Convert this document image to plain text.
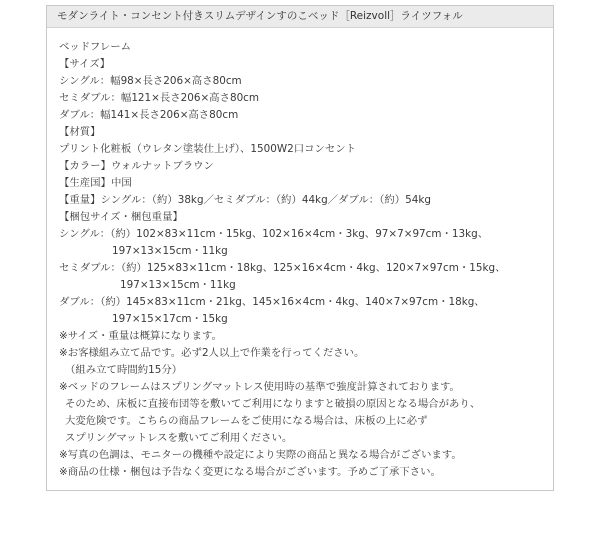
モダンライト・コンセント付きスリムデザインすのこベッド［Reizvoll］ライツフォル
ベッドフレーム
【サイズ】
シングル：幅98×長さ206×高さ80cm
セミダブル：幅121×長さ206×高さ80cm
ダブル：幅141×長さ206×高さ80cm
【材質】
プリント化粧板（ウレタン塗装仕上げ）、1500W2口コンセント
【カラー】ウォルナットブラウン
【生産国】中国
【重量】シングル：（約）38kg／セミダブル：（約）44kg／ダブル：（約）54kg
【梱包サイズ・梱包重量】
シングル：（約）102×83×11cm・15kg、102×16×4cm・3kg、97×7×97cm・13kg、
197×13×15cm・11kg
セミダブル：（約）125×83×11cm・18kg、125×16×4cm・4kg、120×7×97cm・15kg、
197×13×15cm・11kg
ダブル：（約）145×83×11cm・21kg、145×16×4cm・4kg、140×7×97cm・18kg、
197×15×17cm・15kg
※サイズ・重量は概算になります。
※お客様組み立て品です。必ず2人以上で作業を行ってください。
（組み立て時間約15分）
※ベッドのフレームはスプリングマットレス使用時の基準で強度計算されております。
そのため、床板に直接布団等を敷いてご利用になりますと破損の原因となる場合があり、
大変危険です。こちらの商品フレームをご使用になる場合は、床板の上に必ず
スプリングマットレスを敷いてご利用ください。
※写真の色調は、モニターの機種や設定により実際の商品と異なる場合がございます。
※商品の仕様・梱包は予告なく変更になる場合がございます。予めご了承下さい。
